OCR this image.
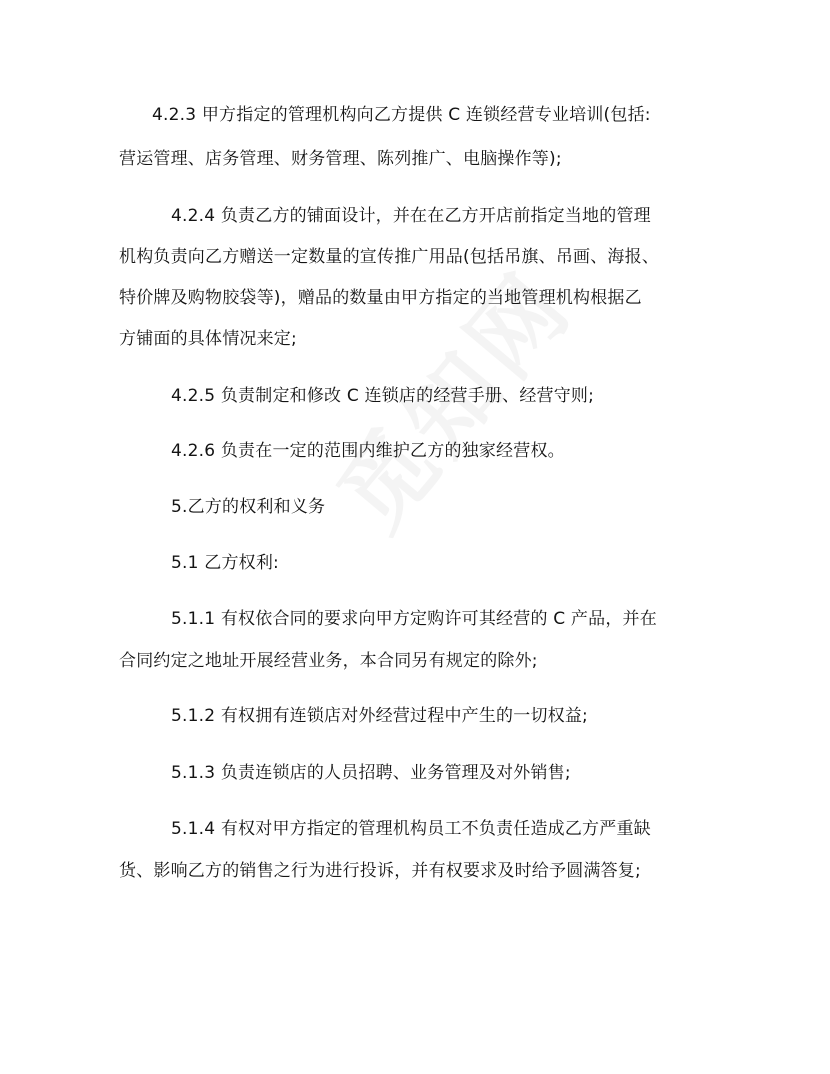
4.2.3 甲方指定的管理机构向乙方提供 C 连锁经营专业培训(包括:
营运管理、店务管理、财务管理、陈列推广、电脑操作等);
4.2.4 负责乙方的铺面设计，并在在乙方开店前指定当地的管理
机构负责向乙方赠送一定数量的宣传推广用品(包括吊旗、吊画、海报、
特价牌及购物胶袋等)，赠品的数量由甲方指定的当地管理机构根据乙
方铺面的具体情况来定;
4.2.5 负责制定和修改 C 连锁店的经营手册、经营守则;
4.2.6 负责在一定的范围内维护乙方的独家经营权。
5.乙方的权利和义务
5.1 乙方权利:
5.1.1 有权依合同的要求向甲方定购许可其经营的 C 产品，并在
合同约定之地址开展经营业务，本合同另有规定的除外;
5.1.2 有权拥有连锁店对外经营过程中产生的一切权益;
5.1.3 负责连锁店的人员招聘、业务管理及对外销售;
5.1.4 有权对甲方指定的管理机构员工不负责任造成乙方严重缺
货、影响乙方的销售之行为进行投诉，并有权要求及时给予圆满答复;
